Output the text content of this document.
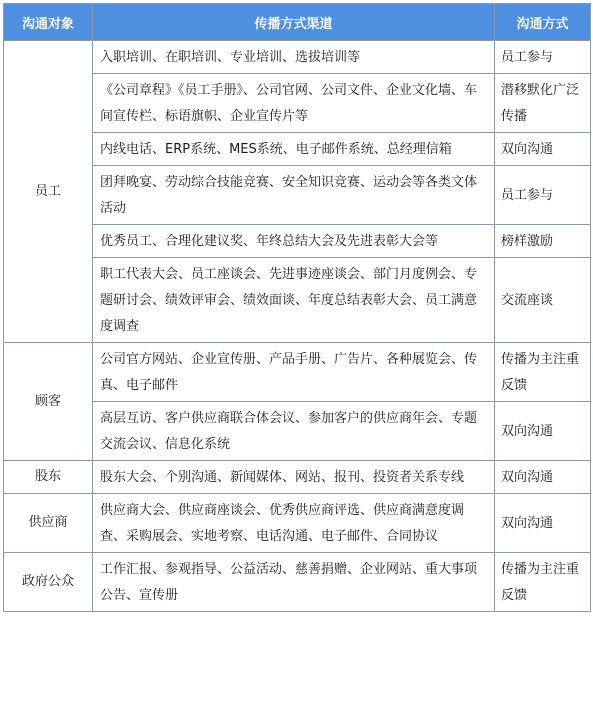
沟通对象	传播方式渠道	沟通方式
员工	入职培训、在职培训、专业培训、选拔培训等	员工参与
	《公司章程》《员工手册》、公司官网、公司文件、企业文化墙、车间宣传栏、标语旗帜、企业宣传片等	潜移默化广泛传播
	内线电话、ERP系统、MES系统、电子邮件系统、总经理信箱	双向沟通
	团拜晚宴、劳动综合技能竞赛、安全知识竞赛、运动会等各类文体活动	员工参与
	优秀员工、合理化建议奖、年终总结大会及先进表彰大会等	榜样激励
	职工代表大会、员工座谈会、先进事迹座谈会、部门月度例会、专题研讨会、绩效评审会、绩效面谈、年度总结表彰大会、员工满意度调查	交流座谈
顾客	公司官方网站、企业宣传册、产品手册、广告片、各种展览会、传真、电子邮件	传播为主注重反馈
	高层互访、客户供应商联合体会议、参加客户的供应商年会、专题交流会议、信息化系统	双向沟通
股东	股东大会、个别沟通、新闻媒体、网站、报刊、投资者关系专线	双向沟通
供应商	供应商大会、供应商座谈会、优秀供应商评选、供应商满意度调查、采购展会、实地考察、电话沟通、电子邮件、合同协议	双向沟通
政府公众	工作汇报、参观指导、公益活动、慈善捐赠、企业网站、重大事项公告、宣传册	传播为主注重反馈
